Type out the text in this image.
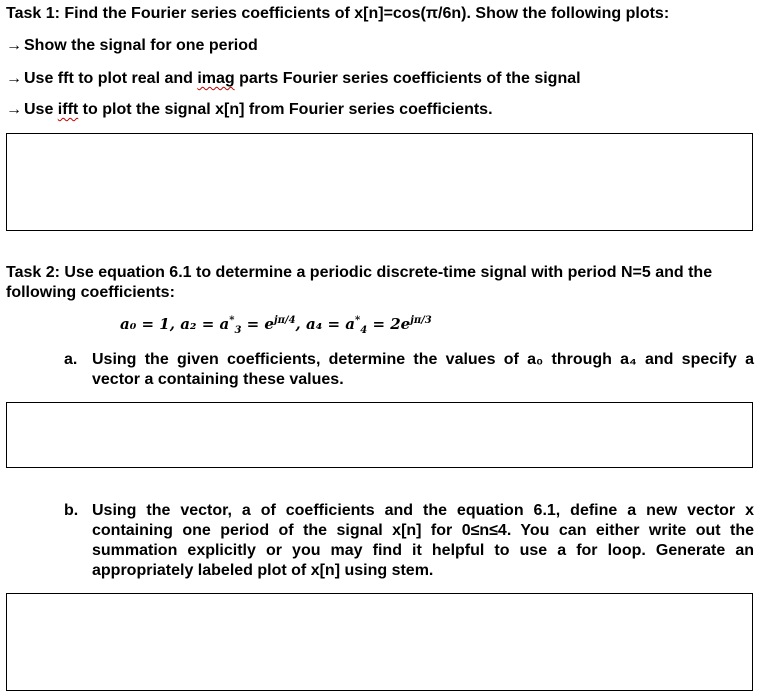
Task 1: Find the Fourier series coefficients of x[n]=cos(π/6n). Show the following plots:
→ Show the signal for one period
→ Use fft to plot real and imag parts Fourier series coefficients of the signal
→ Use ifft to plot the signal x[n] from Fourier series coefficients.
Task 2: Use equation 6.1 to determine a periodic discrete-time signal with period N=5 and the following coefficients:
a₀ = 1, $a_2 = a^*_3 = e^{j\pi/4}$, $a_4 = a^*_4 = 2e^{j\pi/3}$
a. Using the given coefficients, determine the values of a₀ through a₄ and specify a vector a containing these values.
b. Using the vector, a of coefficients and the equation 6.1, define a new vector x containing one period of the signal x[n] for 0≤n≤4. You can either write out the summation explicitly or you may find it helpful to use a for loop. Generate an appropriately labeled plot of x[n] using stem.
